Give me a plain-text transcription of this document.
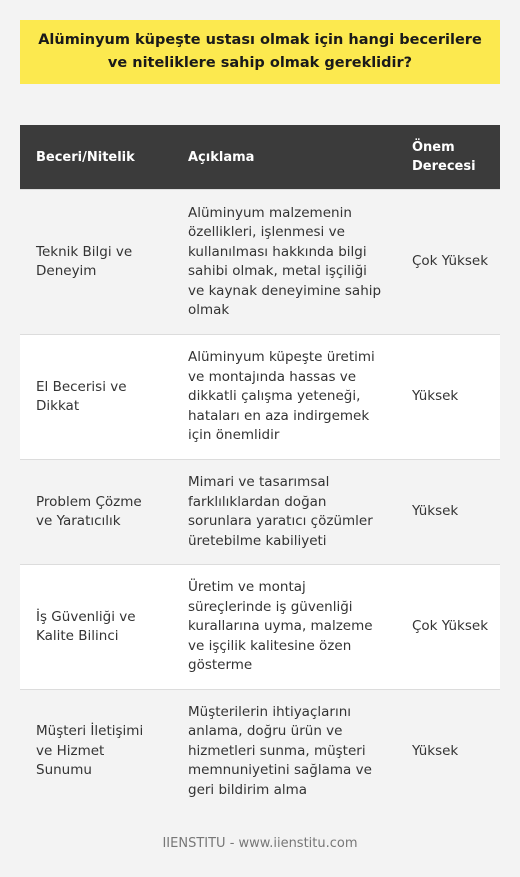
Alüminyum küpeşte ustası olmak için hangi becerilere ve niteliklere sahip olmak gereklidir?
Beceri/Nitelik	Açıklama	Önem Derecesi
Teknik Bilgi ve Deneyim	Alüminyum malzemenin özellikleri, işlenmesi ve kullanılması hakkında bilgi sahibi olmak, metal işçiliği ve kaynak deneyimine sahip olmak	Çok Yüksek
El Becerisi ve Dikkat	Alüminyum küpeşte üretimi ve montajında hassas ve dikkatli çalışma yeteneği, hataları en aza indirgemek için önemlidir	Yüksek
Problem Çözme ve Yaratıcılık	Mimari ve tasarımsal farklılıklardan doğan sorunlara yaratıcı çözümler üretebilme kabiliyeti	Yüksek
İş Güvenliği ve Kalite Bilinci	Üretim ve montaj süreçlerinde iş güvenliği kurallarına uyma, malzeme ve işçilik kalitesine özen gösterme	Çok Yüksek
Müşteri İletişimi ve Hizmet Sunumu	Müşterilerin ihtiyaçlarını anlama, doğru ürün ve hizmetleri sunma, müşteri memnuniyetini sağlama ve geri bildirim alma	Yüksek
IIENSTITU - www.iienstitu.com
